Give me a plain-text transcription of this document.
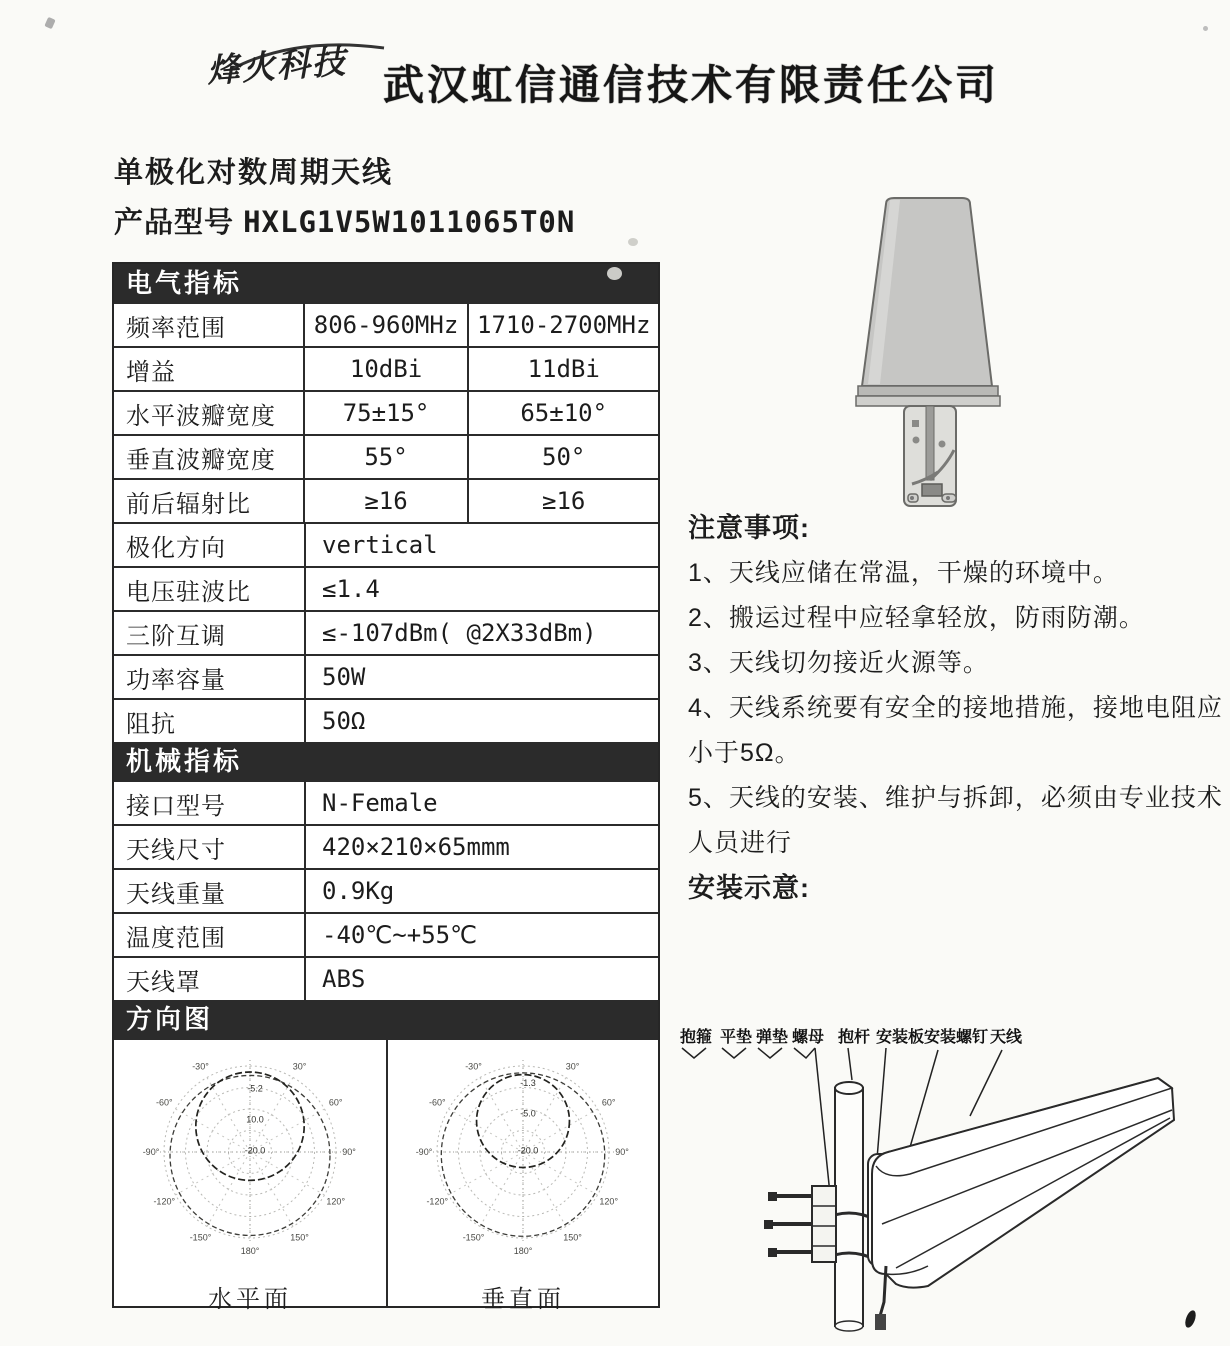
烽火科技 武汉虹信通信技术有限责任公司
单极化对数周期天线
产品型号 HXLG1V5W1011065T0N
电气指标
频率范围	806-960MHz 1710-2700MHz
增益	10dBi	11dBi
水平波瓣宽度	75±15°	65±10°
垂直波瓣宽度	55°	50°
前后辐射比	≥16	≥16
极化方向	vertical
电压驻波比	≤1.4
三阶互调	≤-107dBm( @2X33dBm)
功率容量	50W
阻抗	50Ω
机械指标
接口型号	N-Female
天线尺寸	420×210×65mmm
天线重量	0.9Kg
温度范围	-40℃~+55℃
天线罩	ABS
方向图
-30°	30°
-60°	60°
-90°	90°
-120°	120°
-150°	150°
180°
-5.2
10.0
-20.0
水平面
-30°	30°
-60°	60°
-90°	90°
-120°	120°
-150°	150°
180°
-1.3
-5.0
-20.0
垂直面
注意事项:

1、天线应储在常温，干燥的环境中。

2、搬运过程中应轻拿轻放，防雨防潮。

3、天线切勿接近火源等。

4、天线系统要有安全的接地措施，接地电阻应小于5Ω。

5、天线的安装、维护与拆卸，必须由专业技术人员进行

安装示意:
抱箍 平垫 弹垫 螺母 抱杆 安装板 安装螺钉 天线
